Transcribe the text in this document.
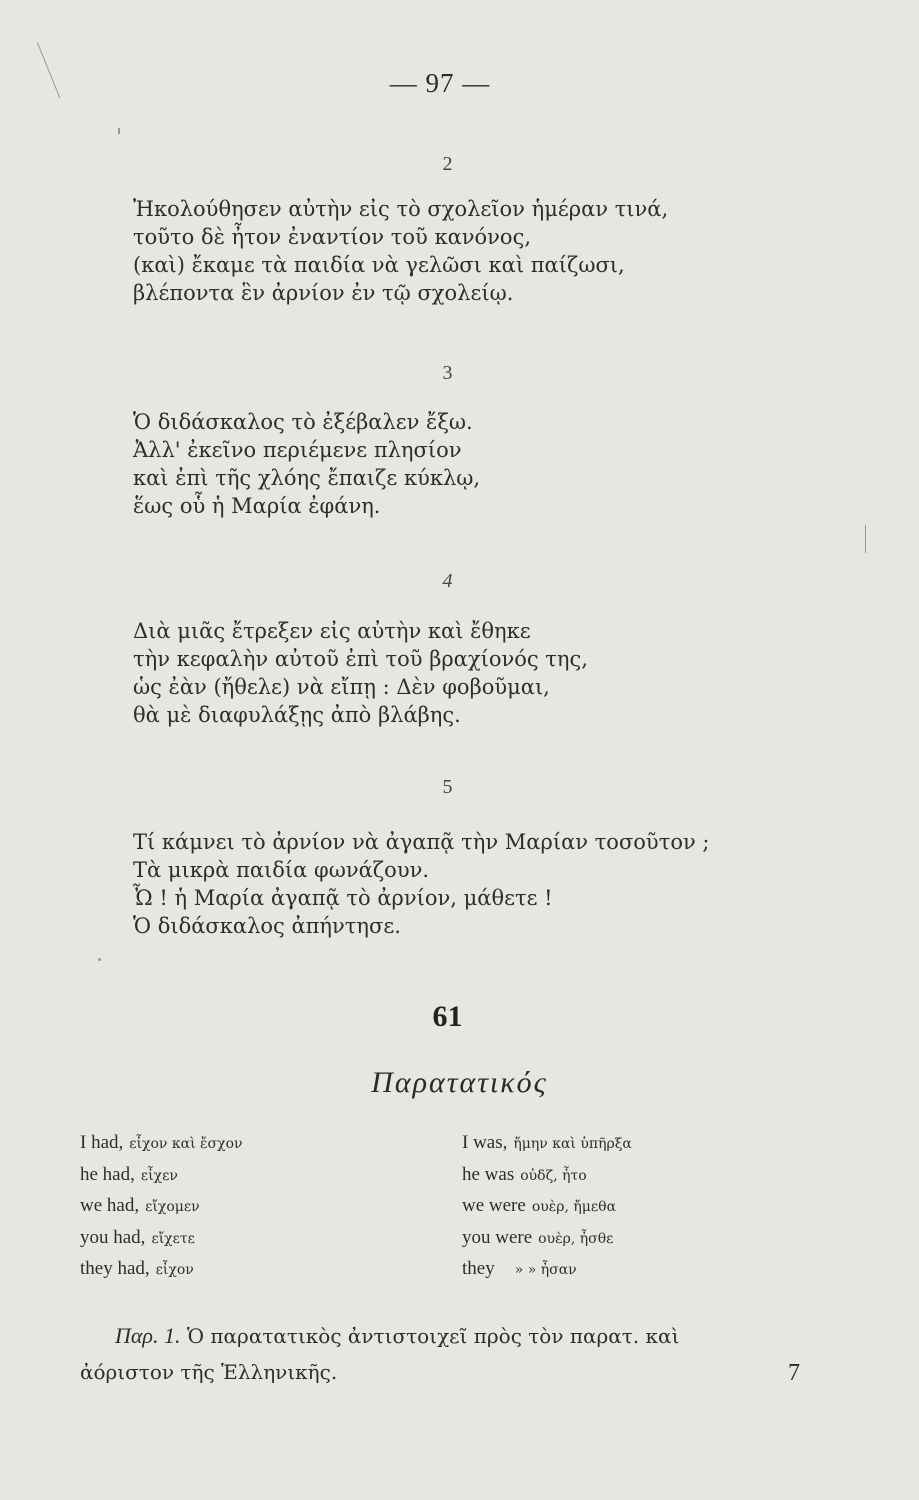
— 97 —
2
Ἠκολούθησεν αὐτὴν εἰς τὸ σχολεῖον ἡμέραν τινά,
τοῦτο δὲ ἦτον ἐναντίον τοῦ κανόνος,
(καὶ) ἔκαμε τὰ παιδία νὰ γελῶσι καὶ παίζωσι,
βλέποντα ἓν ἀρνίον ἐν τῷ σχολείῳ.
3
Ὁ διδάσκαλος τὸ ἐξέβαλεν ἔξω.
Ἀλλ' ἐκεῖνο περιέμενε πλησίον
καὶ ἐπὶ τῆς χλόης ἔπαιζε κύκλῳ,
ἕως οὗ ἡ Μαρία ἐφάνη.
4
Διὰ μιᾶς ἔτρεξεν εἰς αὐτὴν καὶ ἔθηκε
τὴν κεφαλὴν αὐτοῦ ἐπὶ τοῦ βραχίονός της,
ὡς ἐὰν (ἤθελε) νὰ εἴπῃ : Δὲν φοβοῦμαι,
θὰ μὲ διαφυλάξῃς ἀπὸ βλάβης.
5
Τί κάμνει τὸ ἀρνίον νὰ ἀγαπᾷ τὴν Μαρίαν τοσοῦτον ;
Τὰ μικρὰ παιδία φωνάζουν.
Ὦ ! ἡ Μαρία ἀγαπᾷ τὸ ἀρνίον, μάθετε !
Ὁ διδάσκαλος ἀπήντησε.
61
Παρατατικός
I had, εἶχον καὶ ἔσχον
he had, εἶχεν
we had, εἴχομεν
you had, εἴχετε
they had, εἶχον
I was, ἤμην καὶ ὑπῆρξα
he was οὐδζ, ἦτο
we were ουὲρ, ἤμεθα
you were ουὲρ, ἦσθε
they » » ἦσαν
Παρ. 1. Ὁ παρατατικὸς ἀντιστοιχεῖ πρὸς τὸν παρατ. καὶ
ἀόριστον τῆς Ἑλληνικῆς.	7
